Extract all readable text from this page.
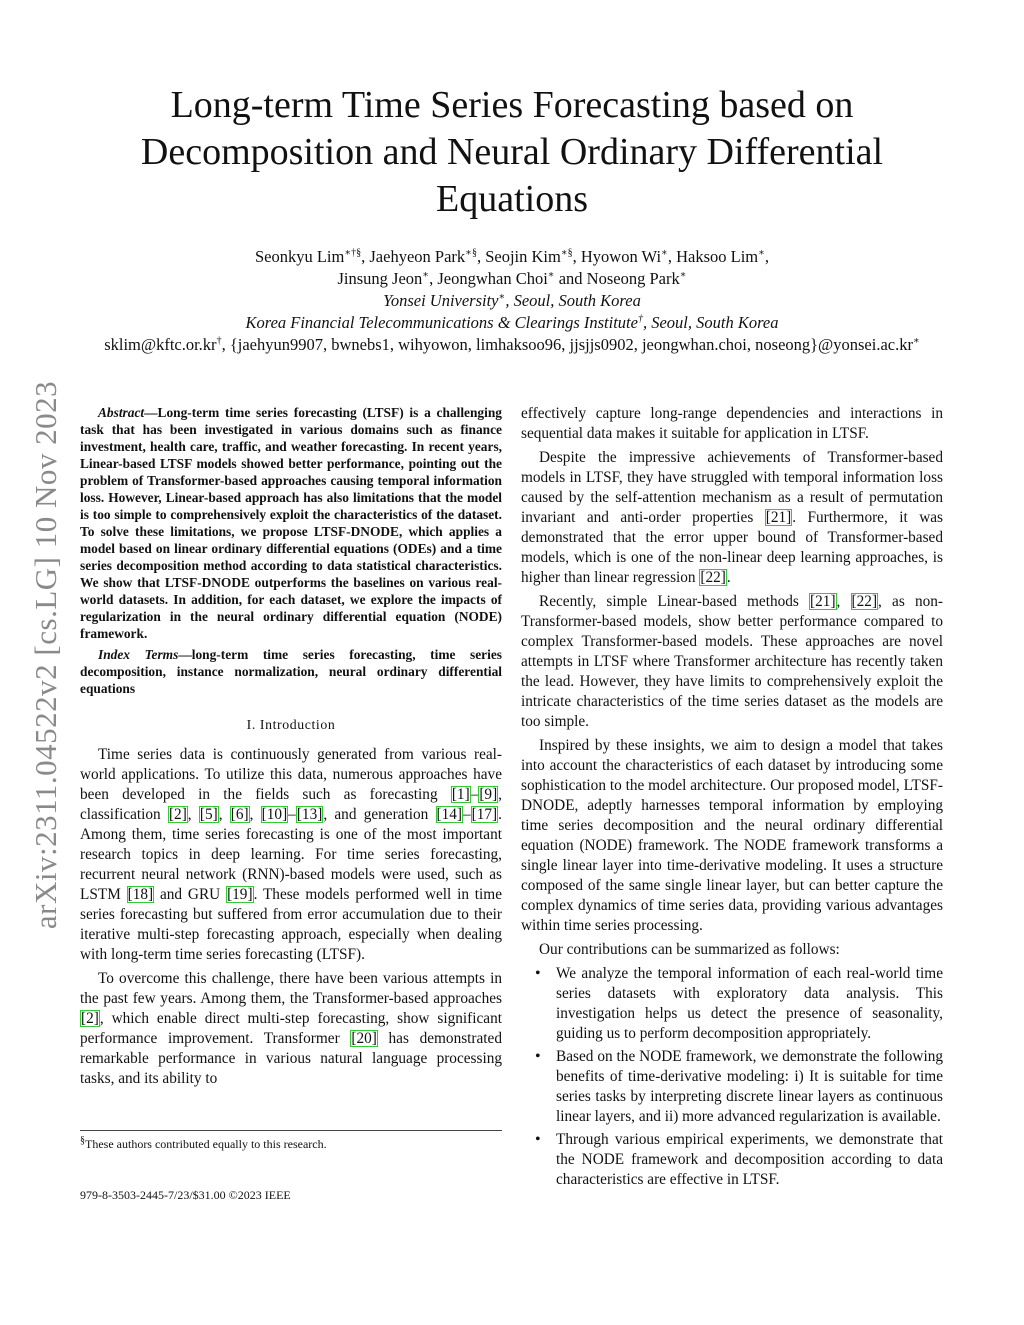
arXiv:2311.04522v2 [cs.LG] 10 Nov 2023
Long-term Time Series Forecasting based on Decomposition and Neural Ordinary Differential Equations
Seonkyu Lim∗†§, Jaehyeon Park∗§, Seojin Kim∗§, Hyowon Wi∗, Haksoo Lim∗,
Jinsung Jeon∗, Jeongwhan Choi∗ and Noseong Park∗
Yonsei University∗, Seoul, South Korea
Korea Financial Telecommunications & Clearings Institute†, Seoul, South Korea
sklim@kftc.or.kr†, {jaehyun9907, bwnebs1, wihyowon, limhaksoo96, jjsjjs0902, jeongwhan.choi, noseong}@yonsei.ac.kr∗

Abstract—Long-term time series forecasting (LTSF) is a challenging task that has been investigated in various domains such as finance investment, health care, traffic, and weather forecasting. In recent years, Linear-based LTSF models showed better performance, pointing out the problem of Transformer-based approaches causing temporal information loss. However, Linear-based approach has also limitations that the model is too simple to comprehensively exploit the characteristics of the dataset. To solve these limitations, we propose LTSF-DNODE, which applies a model based on linear ordinary differential equations (ODEs) and a time series decomposition method according to data statistical characteristics. We show that LTSF-DNODE outperforms the baselines on various real-world datasets. In addition, for each dataset, we explore the impacts of regularization in the neural ordinary differential equation (NODE) framework.

Index Terms—long-term time series forecasting, time series decomposition, instance normalization, neural ordinary differential equations

I. Introduction

Time series data is continuously generated from various real-world applications. To utilize this data, numerous approaches have been developed in the fields such as forecasting [1]–[9], classification [2], [5], [6], [10]–[13], and generation [14]–[17]. Among them, time series forecasting is one of the most important research topics in deep learning. For time series forecasting, recurrent neural network (RNN)-based models were used, such as LSTM [18] and GRU [19]. These models performed well in time series forecasting but suffered from error accumulation due to their iterative multi-step forecasting approach, especially when dealing with long-term time series forecasting (LTSF).

To overcome this challenge, there have been various attempts in the past few years. Among them, the Transformer-based approaches [2], which enable direct multi-step forecasting, show significant performance improvement. Transformer [20] has demonstrated remarkable performance in various natural language processing tasks, and its ability to

effectively capture long-range dependencies and interactions in sequential data makes it suitable for application in LTSF.

Despite the impressive achievements of Transformer-based models in LTSF, they have struggled with temporal information loss caused by the self-attention mechanism as a result of permutation invariant and anti-order properties [21]. Furthermore, it was demonstrated that the error upper bound of Transformer-based models, which is one of the non-linear deep learning approaches, is higher than linear regression [22].

Recently, simple Linear-based methods [21], [22], as non-Transformer-based models, show better performance compared to complex Transformer-based models. These approaches are novel attempts in LTSF where Transformer architecture has recently taken the lead. However, they have limits to comprehensively exploit the intricate characteristics of the time series dataset as the models are too simple.

Inspired by these insights, we aim to design a model that takes into account the characteristics of each dataset by introducing some sophistication to the model architecture. Our proposed model, LTSF-DNODE, adeptly harnesses temporal information by employing time series decomposition and the neural ordinary differential equation (NODE) framework. The NODE framework transforms a single linear layer into time-derivative modeling. It uses a structure composed of the same single linear layer, but can better capture the complex dynamics of time series data, providing various advantages within time series processing.

Our contributions can be summarized as follows:

• We analyze the temporal information of each real-world time series datasets with exploratory data analysis. This investigation helps us detect the presence of seasonality, guiding us to perform decomposition appropriately.
• Based on the NODE framework, we demonstrate the following benefits of time-derivative modeling: i) It is suitable for time series tasks by interpreting discrete linear layers as continuous linear layers, and ii) more advanced regularization is available.
• Through various empirical experiments, we demonstrate that the NODE framework and decomposition according to data characteristics are effective in LTSF.
§These authors contributed equally to this research.
979-8-3503-2445-7/23/$31.00 ©2023 IEEE
